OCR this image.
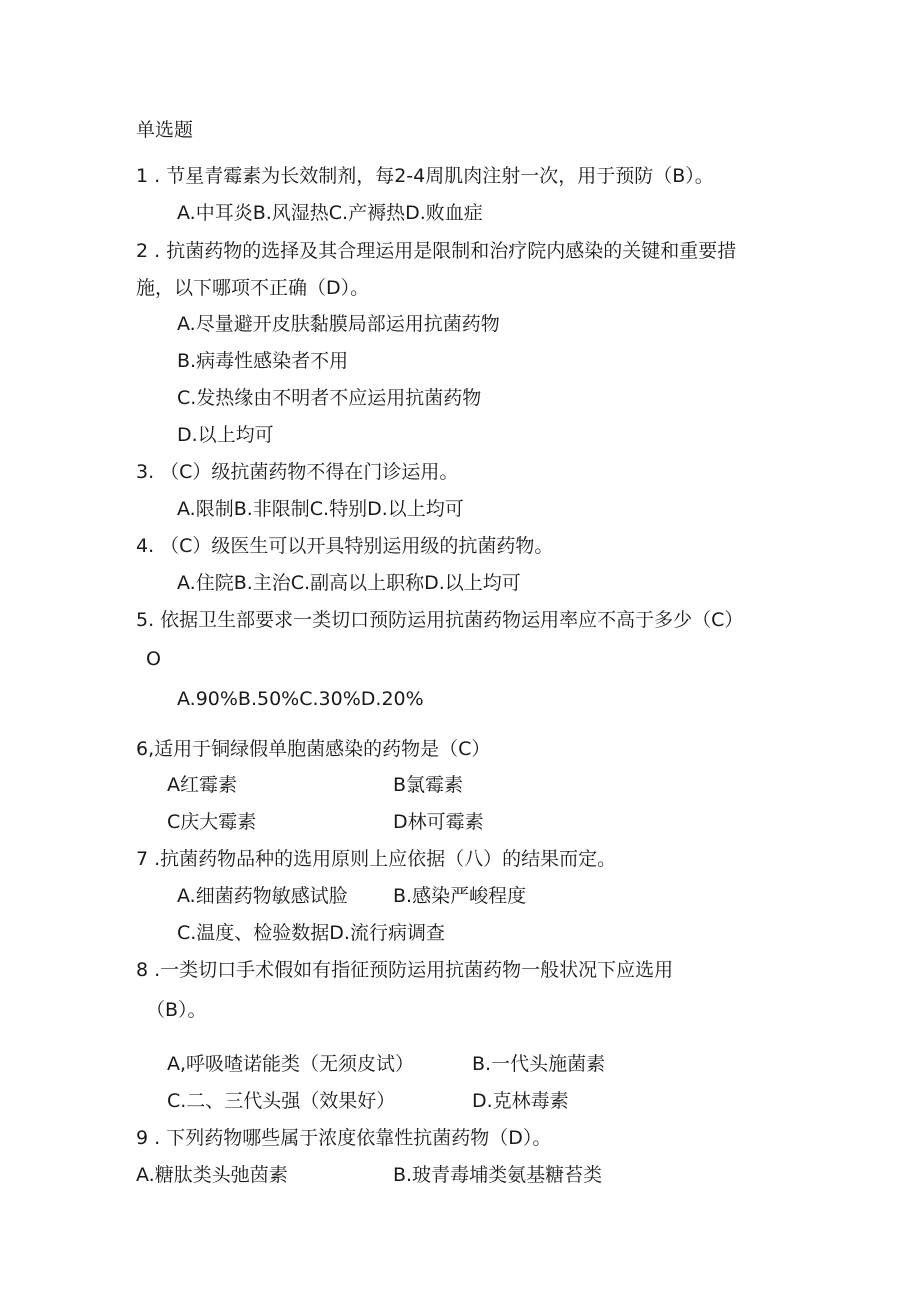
单选题
1 . 节星青霉素为长效制剂，每2-4周肌肉注射一次，用于预防（B）。
A.中耳炎B.风湿热C.产褥热D.败血症
2 . 抗菌药物的选择及其合理运用是限制和治疗院内感染的关键和重要措
施，以下哪项不正确（D）。
A.尽量避开皮肤黏膜局部运用抗菌药物
B.病毒性感染者不用
C.发热缘由不明者不应运用抗菌药物
D.以上均可
3. （C）级抗菌药物不得在门诊运用。
A.限制B.非限制C.特别D.以上均可
4. （C）级医生可以开具特别运用级的抗菌药物。
A.住院B.主治C.副高以上职称D.以上均可
5. 依据卫生部要求一类切口预防运用抗菌药物运用率应不高于多少（C）
O
A.90%B.50%C.30%D.20%
6,适用于铜绿假单胞菌感染的药物是（C）
A红霉素	B氯霉素
C庆大霉素	D林可霉素
7 .抗菌药物品种的选用原则上应依据（八）的结果而定。
A.细菌药物敏感试脸 B.感染严峻程度
C.温度、检验数据D.流行病调查
8 .一类切口手术假如有指征预防运用抗菌药物一般状况下应选用
（B）。
A,呼吸喳诺能类（无须皮试）	B.一代头施菌素
C.二、三代头强（效果好）	D.克林毒素
9 . 下列药物哪些属于浓度依靠性抗菌药物（D）。
A.糖肽类头弛茵素	B.玻青毒埔类氨基糖苔类
